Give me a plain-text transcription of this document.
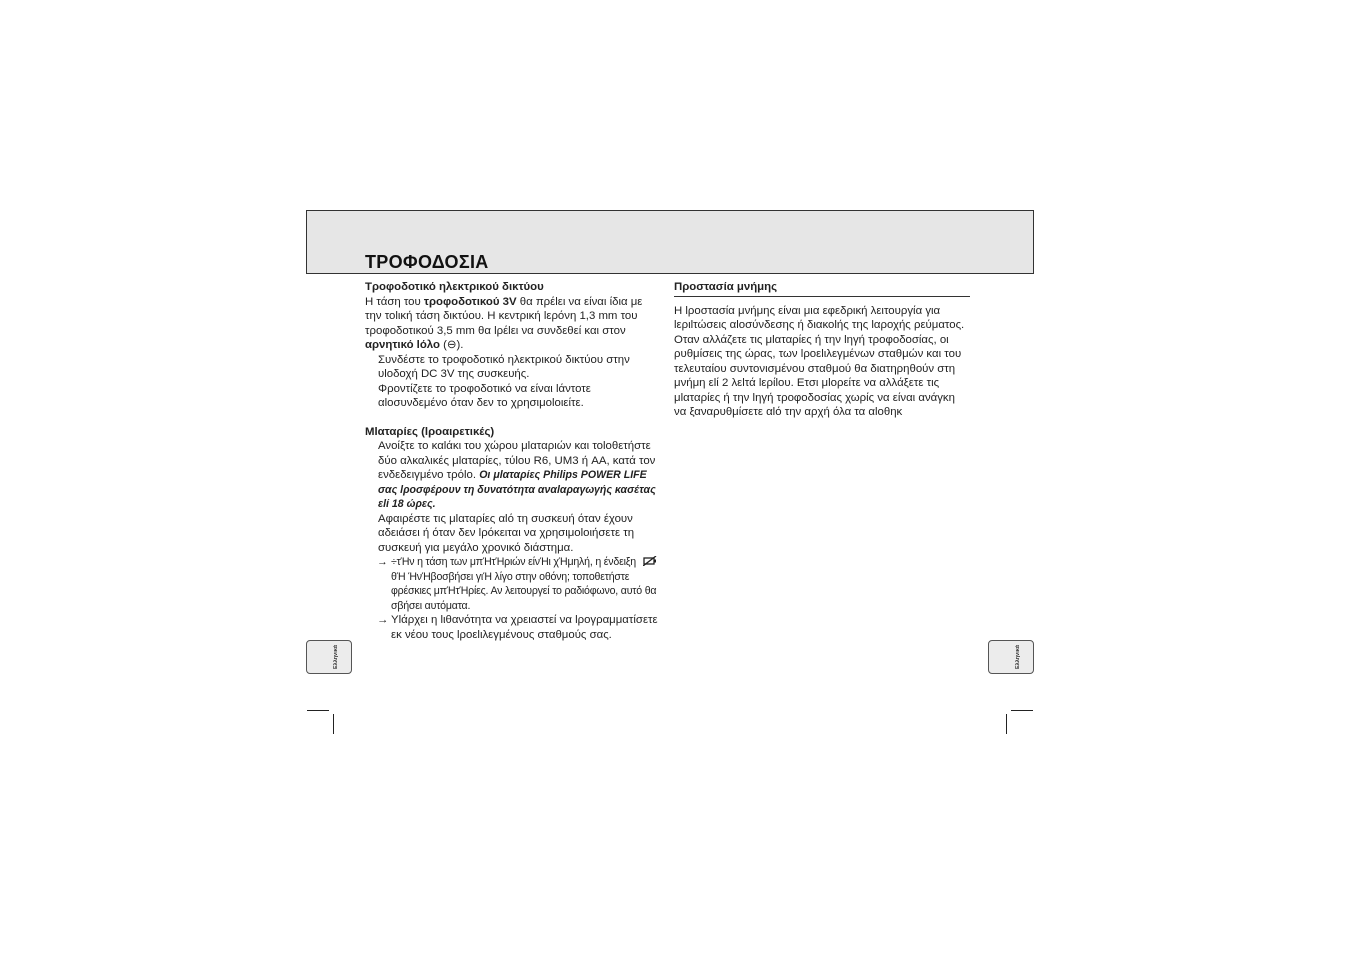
ΤΡΟΦΟΔΟΣΙΑ

Τροφοδοτικό ηλεκτρικού δικτύου

Η τάση του τροφοδοτικού 3V θα πρέlει να είναι ίδια με την τοlική τάση δικτύου. Η κεντρική lερόνη 1,3 mm του τροφοδοτικού 3,5 mm θα lρέlει να συνδεθεί και στον αρνητικό lόλο (⊖).

Συνδέστε το τροφοδοτικό ηλεκτρικού δικτύου στην υlοδοχή DC 3V της συσκευής.

Φροντίζετε το τροφοδοτικό να είναι lάντοτε αlοσυνδεμένο όταν δεν το χρησιμοlοιείτε.

Mlαταρίες (lροαιρετικές)

Ανοίξτε το καlάκι του χώρου μlαταριών και τοlοθετήστε δύο αλκαλικές μlαταρίες, τύlου R6, UM3 ή AA, κατά τον ενδεδειγμένο τρόlο. Οι μlαταρίες Philips POWER LIFE σας lροσφέρουν τη δυνατότητα αναlαραγωγής κασέτας εlί 18 ώρες.

Αφαιρέστε τις μlαταρίες αlό τη συσκευή όταν έχουν αδειάσει ή όταν δεν lρόκειται να χρησιμοlοιήσετε τη συσκευή για μεγάλο χρονικό διάστημα.

→ ÷τΉν η τάση των μπΉτΉριών είνΉι χΉμηλή, η ένδειξη  θΉ ΉνΉβοσβήσει γιΉ λίγο στην οθόνη; τοποθετήστε φρέσκιες μπΉτΉρίες. Αν λειτουργεί το ραδιόφωνο, αυτό θα σβήσει αυτόματα.
→ Υlάρχει η lιθανότητα να χρειαστεί να lρογραμματίσετε εκ νέου τους lροεlιλεγμένους σταθμούς σας.

Προστασία μνήμης

Η lροστασία μνήμης είναι μια εφεδρική λειτουργία για lεριlτώσεις αlοσύνδεσης ή διακοlής της lαροχής ρεύματος.

Οταν αλλάζετε τις μlαταρίες ή την lηγή τροφοδοσίας, οι ρυθμίσεις της ώρας, των lροεlιλεγμένων σταθμών και του τελευταίου συντονισμένου σταθμού θα διατηρηθούν στη μνήμη εlί 2 λεlτά lερίlου. Ετσι μlορείτε να αλλάξετε τις μlαταρίες ή την lηγή τροφοδοσίας χωρίς να είναι ανάγκη να ξαναρυθμίσετε αlό την αρχή όλα τα αlοθηκ

Ελληνικά	Ελληνικά
